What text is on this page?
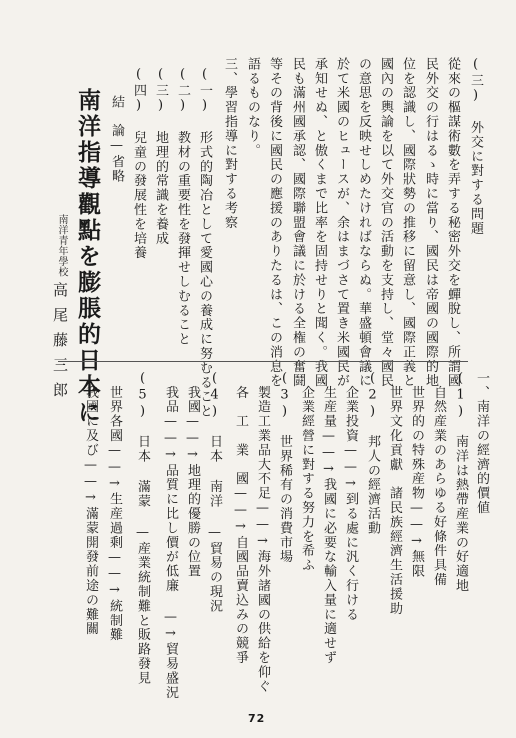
(三) 外交に對する問題
從來の樞謀術數を弄する秘密外交を蟬脫し、所謂國
民外交の行はるゝ時に當り、國民は帝國の國際的地
位を認識し、國際狀勢の推移に留意し、國際正義と
國內の輿論を以て外交官の活動を支持し、堂々國民
の意思を反映せしめたければならぬ。華盛頓會議に
於て米國のヒュースが、余はまづさて置き米國民が
承知せぬ、と傲くまで比率を固持せりと聞く。我國
民も滿州國承認、國際聯盟會議に於ける全権の奮鬪
等その背後に國民の應援のありたるは、この消息を
語るものなり。
三、學習指導に對する考察
(一) 形式的陶冶として愛國心の養成に努むること
(二) 教材の重要性を發揮せしむること
(三) 地理的常識を養成
(四) 兒童の發展性を培養
結　論—省略
南洋指導觀點を膨脹的日本に
南洋青年學校
高尾藤三郎
一、南洋の經濟的價値
(1)　南洋は熱帶産業の好適地
　自然産業のあらゆる好條件具備
　世界的の特殊産物——→無限
　世界文化貢獻　諸民族經濟生活援助
(2)　邦人の經濟活動
　企業投資——→到る處に汎く行ける
　生産量——→我國に必要な輸入量に適せず
　企業經營に對する努力を希ふ
(3)　世界稀有の消費市場
　製造工業品大不足——→海外諸國の供給を仰ぐ
　各　工　業　國——→自國品賣込みの競爭
(4)　日本 南洋 —貿易の現況
　我國——→地理的優勝の位置
　我品——→品質に比し價が低廉 —→貿易盛況
(5)　日本 滿蒙 —産業統制難と販路發見
　世界各國——→生産過剩——→統制難
　我國に及び——→滿蒙開發前途の難關
72
